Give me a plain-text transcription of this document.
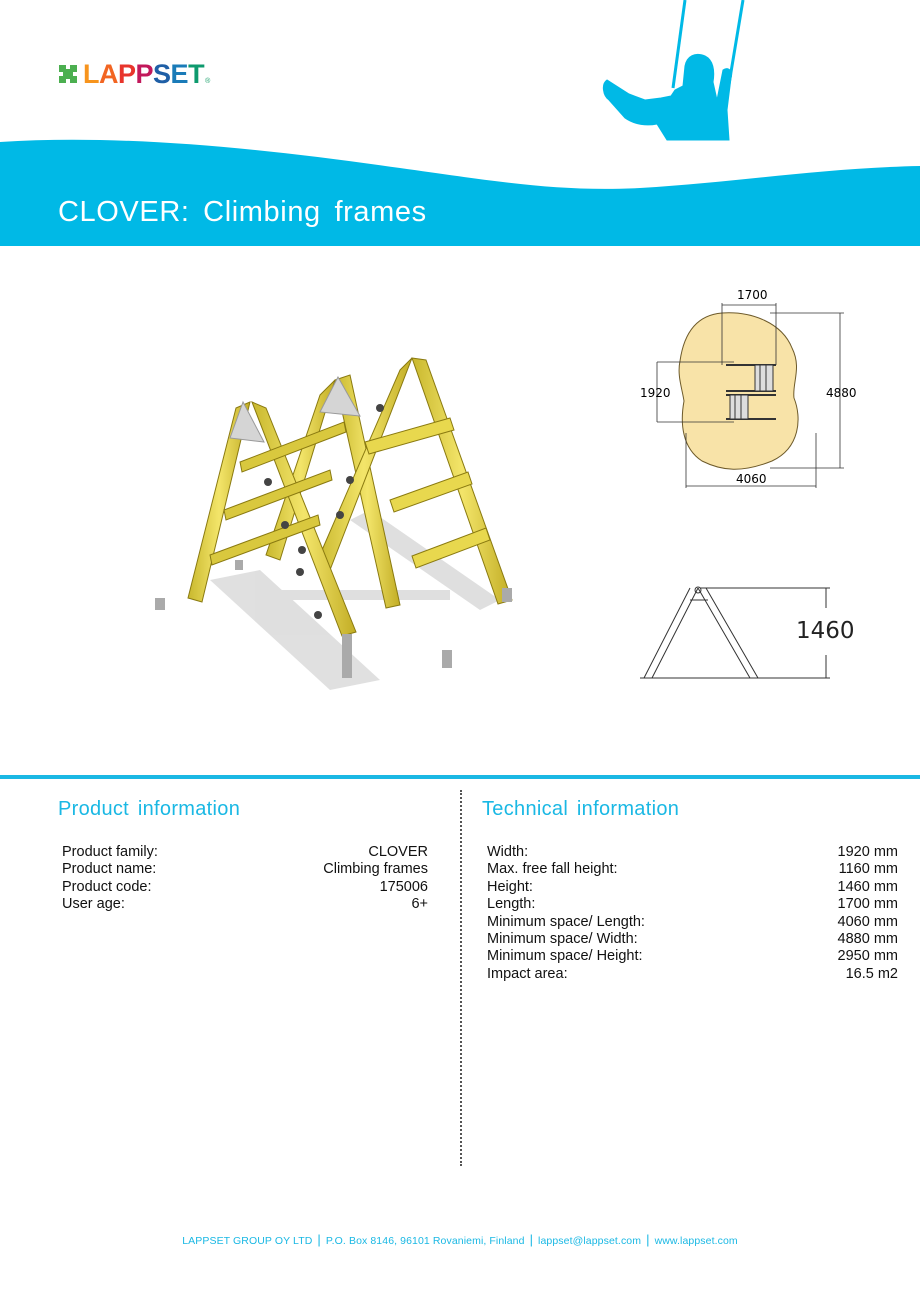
LAPPSET ®
CLOVER: Climbing frames
1700
1920	4880
4060
1460
Product information
Product family:	CLOVER
Product name:	Climbing frames
Product code:	175006
User age:	6+
Technical information
Width:	1920 mm
Max. free fall height:	1160 mm
Height:	1460 mm
Length:	1700 mm
Minimum space/ Length:	4060 mm
Minimum space/ Width:	4880 mm
Minimum space/ Height:	2950 mm
Impact area:	16.5 m2
LAPPSET GROUP OY LTD | P.O. Box 8146, 96101 Rovaniemi, Finland | lappset@lappset.com | www.lappset.com
